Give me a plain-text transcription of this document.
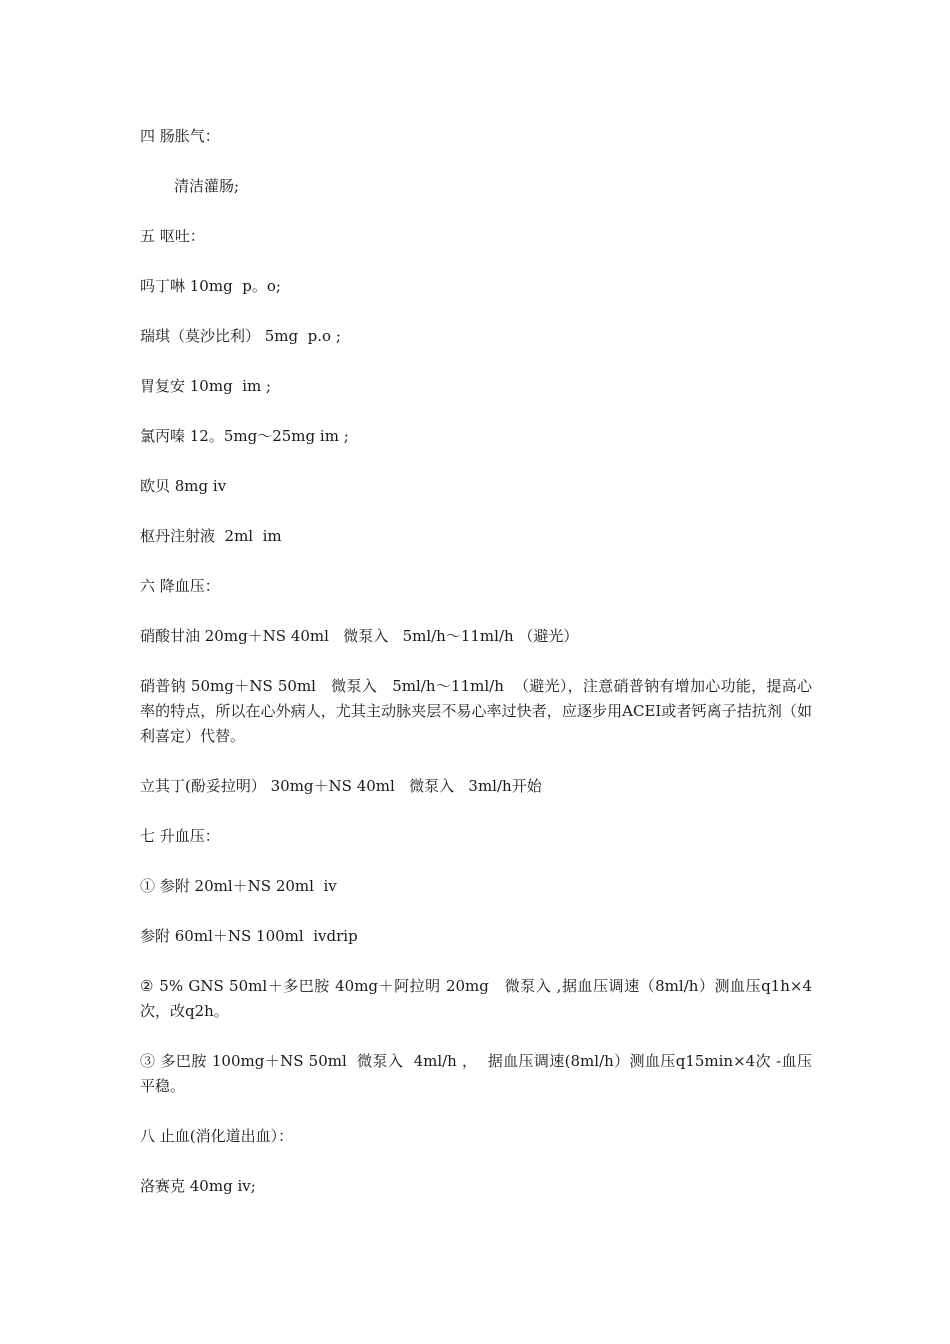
四 肠胀气：
清洁灌肠;
五 呕吐：
吗丁啉 10mg  p。o;
瑞琪（莫沙比利） 5mg  p.o ;
胃复安 10mg  im ;
氯丙嗪 12。5mg～25mg im ;
欧贝 8mg iv
枢丹注射液  2ml  im
六 降血压：
硝酸甘油 20mg＋NS 40ml   微泵入   5ml/h～11ml/h （避光）
硝普钠 50mg＋NS 50ml   微泵入   5ml/h～11ml/h  （避光），注意硝普钠有增加心功能，提高心率的特点，所以在心外病人，尤其主动脉夹层不易心率过快者，应逐步用ACEI或者钙离子拮抗剂（如利喜定）代替。
立其丁(酚妥拉明） 30mg＋NS 40ml   微泵入   3ml/h开始
七 升血压：
① 参附 20ml＋NS 20ml  iv
参附 60ml＋NS 100ml  ivdrip
② 5% GNS 50ml＋多巴胺 40mg＋阿拉明 20mg   微泵入 ,据血压调速（8ml/h）测血压q1h×4 次，改q2h。
③ 多巴胺 100mg＋NS 50ml  微泵入  4ml/h ，  据血压调速(8ml/h）测血压q15min×4次 -血压平稳。
八 止血(消化道出血）：
洛赛克 40mg iv;
